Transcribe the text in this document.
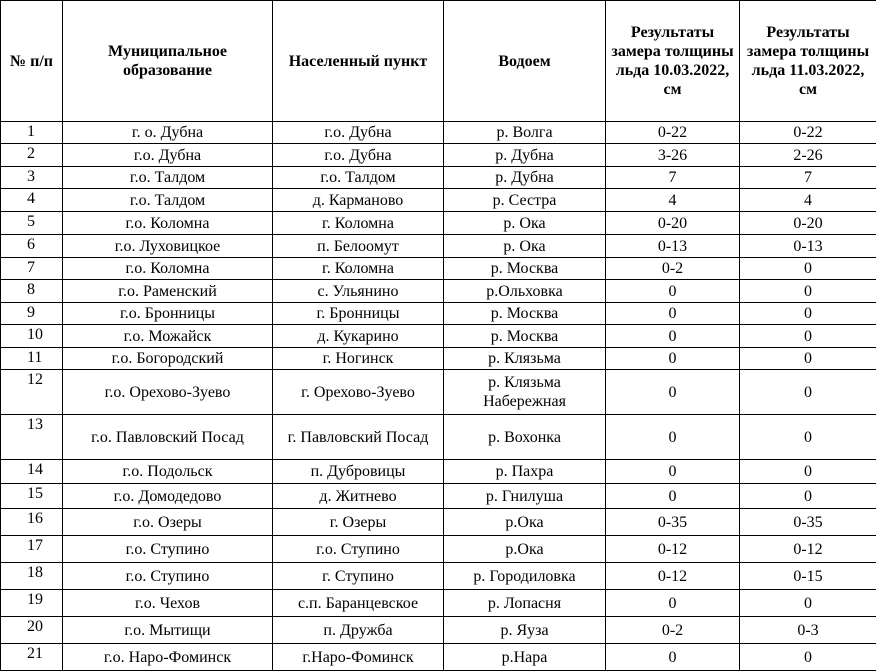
№ п/п	Муниципальное образование	Населенный пункт	Водоем	Результаты замера толщины льда 10.03.2022, см	Результаты замера толщины льда 11.03.2022, см
1	г. о. Дубна	г.о. Дубна	р. Волга	0-22	0-22
2	г.о. Дубна	г.о. Дубна	р. Дубна	3-26	2-26
3	г.о. Талдом	г.о. Талдом	р. Дубна	7	7
4	г.о. Талдом	д. Карманово	р. Сестра	4	4
5	г.о. Коломна	г. Коломна	р. Ока	0-20	0-20
6	г.о. Луховицкое	п. Белоомут	р. Ока	0-13	0-13
7	г.о. Коломна	г. Коломна	р. Москва	0-2	0
8	г.о. Раменский	с. Ульянино	р.Ольховка	0	0
9	г.о. Бронницы	г. Бронницы	р. Москва	0	0
10	г.о. Можайск	д. Кукарино	р. Москва	0	0
11	г.о. Богородский	г. Ногинск	р. Клязьма	0	0
12	г.о. Орехово-Зуево	г. Орехово-Зуево	р. Клязьма Набережная	0	0
13	г.о. Павловский Посад	г. Павловский Посад	р. Вохонка	0	0
14	г.о. Подольск	п. Дубровицы	р. Пахра	0	0
15	г.о. Домодедово	д. Житнево	р. Гнилуша	0	0
16	г.о. Озеры	г. Озеры	р.Ока	0-35	0-35
17	г.о. Ступино	г.о. Ступино	р.Ока	0-12	0-12
18	г.о. Ступино	г. Ступино	р. Городиловка	0-12	0-15
19	г.о. Чехов	с.п. Баранцевское	р. Лопасня	0	0
20	г.о. Мытищи	п. Дружба	р. Яуза	0-2	0-3
21	г.о. Наро-Фоминск	г.Наро-Фоминск	р.Нара	0	0
